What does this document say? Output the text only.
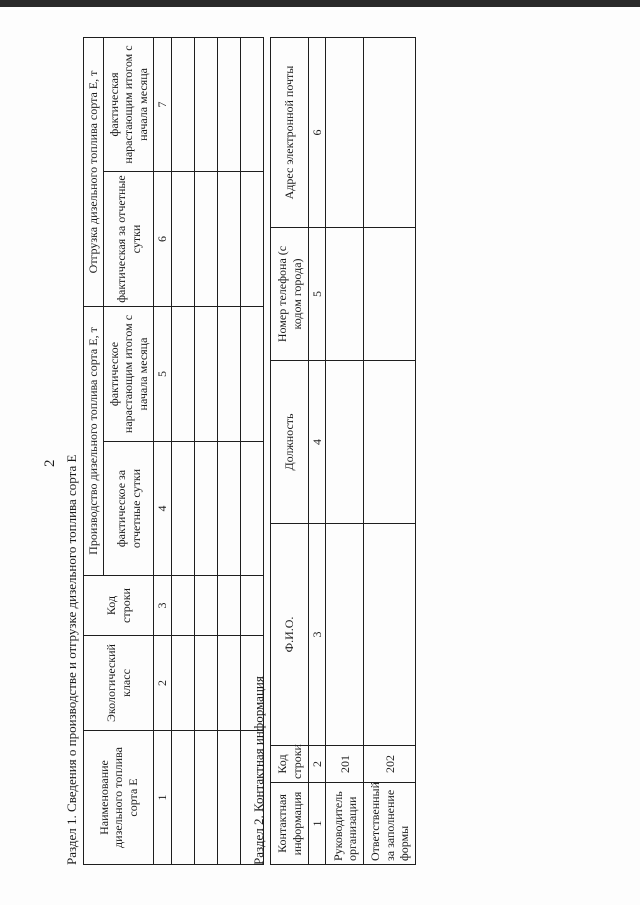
2 Раздел 1. Сведения о производстве и отгрузке дизельного топлива сорта Е Наименование дизельного топлива сорта Е	Экологический класс	Код строки	Производство дизельного топлива сорта Е, т		Отгрузка дизельного топлива сорта Е, т	
			фактическое за отчетные сутки	фактическое нарастающим итогом с начала месяца	фактическая за отчетные сутки	фактическая нарастающим итогом с начала месяца
1	2	3	4	5	6	7

Раздел 2. Контактная информация Контактная информация	Код строки	Ф.И.О.	Должность	Номер телефона (с кодом города)	Адрес электронной почты
1	2	3	4	5	6
Руководитель организации	201				
Ответственный за заполнение формы	202				
